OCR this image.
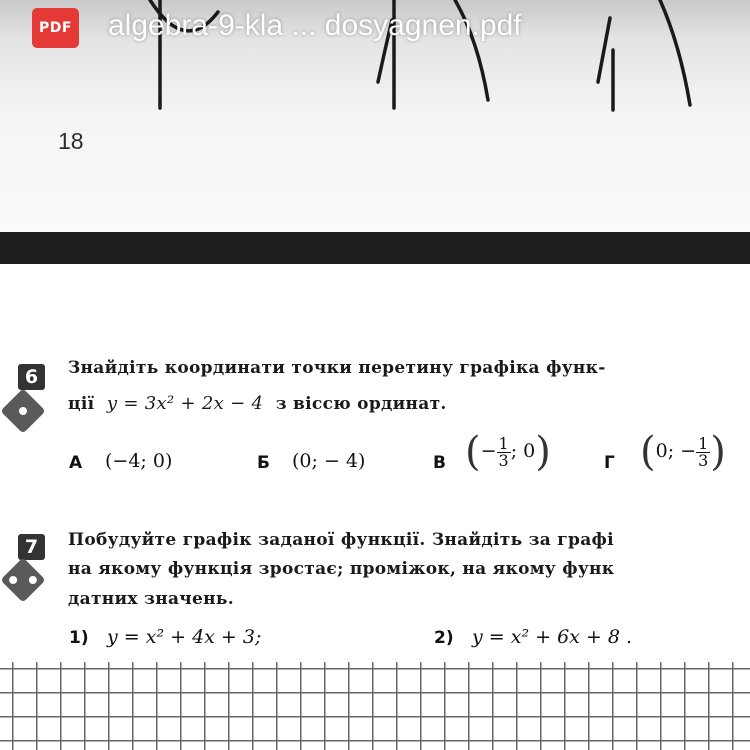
18
PDF algebra-9-kla ... dosyagnen.pdf
6	Знайдіть координати точки перетину графіка функ-
ції y = 3x² + 2x − 4 з віссю ординат.
А (−4; 0)	Б (0; − 4)	В (− $\frac{1}{3}$ ; 0)	Г (0; − $\frac{1}{3}$ )
7	Побудуйте графік заданої функції. Знайдіть за графі
на якому функція зростає; проміжок, на якому функ
датних значень.
1) y = x² + 4x + 3;	2) y = x² + 6x + 8 .
